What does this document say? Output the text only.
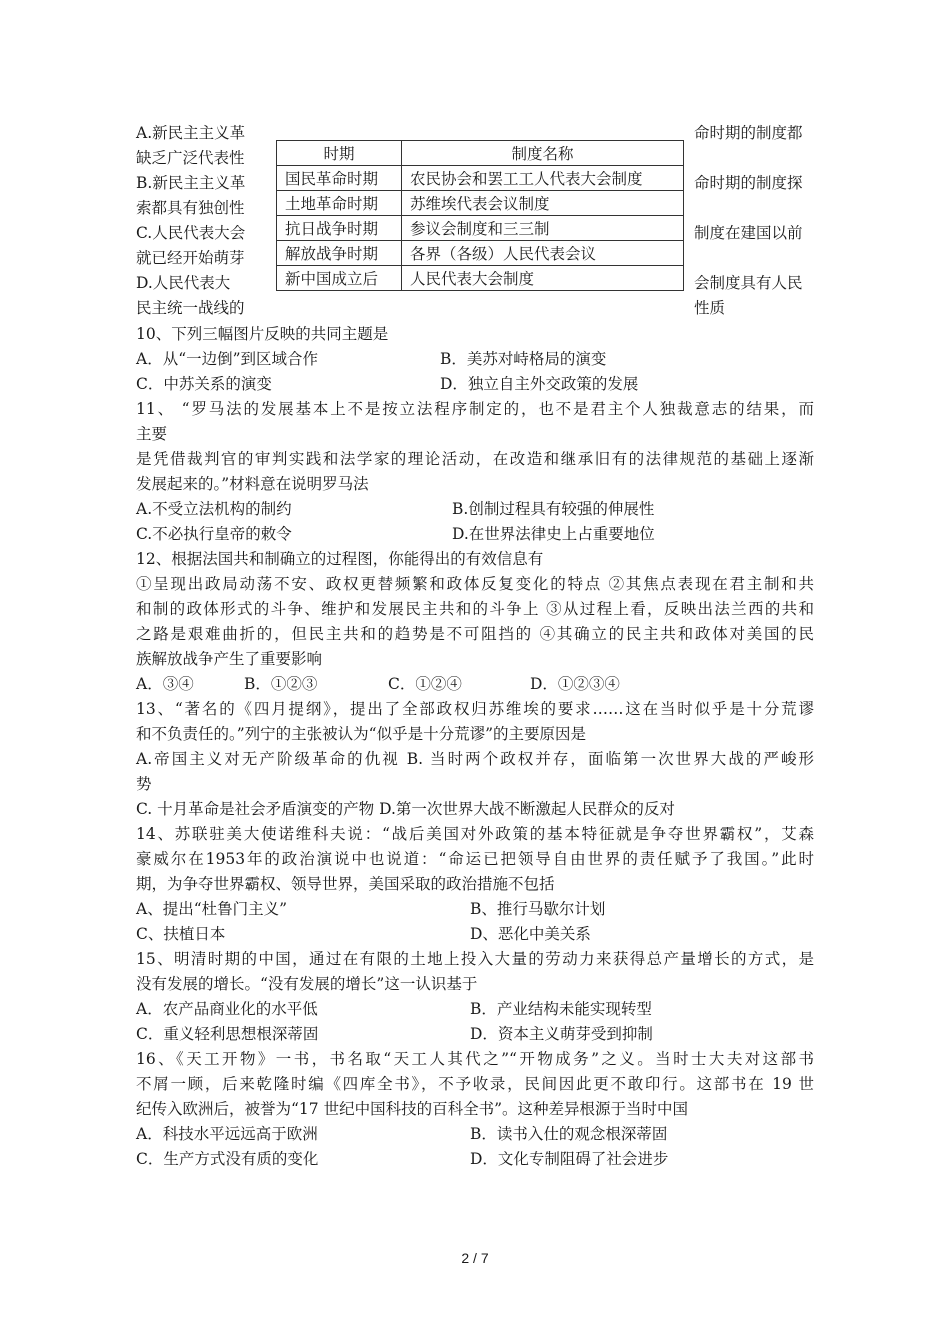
A.新民主主义革
缺乏广泛代表性
B.新民主主义革
索都具有独创性
C.人民代表大会
就已经开始萌芽
D.人民代表大
民主统一战线的
时期	制度名称
国民革命时期	农民协会和罢工工人代表大会制度
土地革命时期	苏维埃代表会议制度
抗日战争时期	参议会制度和三三制
解放战争时期	各界（各级）人民代表会议
新中国成立后	人民代表大会制度
命时期的制度都
命时期的制度探
制度在建国以前
会制度具有人民
性质
10、下列三幅图片反映的共同主题是
A．从“一边倒”到区域合作	B．美苏对峙格局的演变
C．中苏关系的演变	D．独立自主外交政策的发展
11、 “罗马法的发展基本上不是按立法程序制定的，也不是君主个人独裁意志的结果，而
主要
是凭借裁判官的审判实践和法学家的理论活动，在改造和继承旧有的法律规范的基础上逐渐
发展起来的。”材料意在说明罗马法
A.不受立法机构的制约	B.创制过程具有较强的伸展性
C.不必执行皇帝的敕令	D.在世界法律史上占重要地位
12、根据法国共和制确立的过程图，你能得出的有效信息有
①呈现出政局动荡不安、政权更替频繁和政体反复变化的特点 ②其焦点表现在君主制和共
和制的政体形式的斗争、维护和发展民主共和的斗争上 ③从过程上看，反映出法兰西的共和
之路是艰难曲折的，但民主共和的趋势是不可阻挡的 ④其确立的民主共和政体对美国的民
族解放战争产生了重要影响
A．③④	B．①②③	C．①②④	D．①②③④
13、“著名的《四月提纲》，提出了全部政权归苏维埃的要求……这在当时似乎是十分荒谬
和不负责任的。”列宁的主张被认为“似乎是十分荒谬”的主要原因是
A.帝国主义对无产阶级革命的仇视 B. 当时两个政权并存，面临第一次世界大战的严峻形
势
C. 十月革命是社会矛盾演变的产物 D.第一次世界大战不断激起人民群众的反对
14、苏联驻美大使诺维科夫说：“战后美国对外政策的基本特征就是争夺世界霸权”，艾森
豪威尔在1953年的政治演说中也说道：“命运已把领导自由世界的责任赋予了我国。”此时
期，为争夺世界霸权、领导世界，美国采取的政治措施不包括
A、提出“杜鲁门主义”	B、推行马歇尔计划
C、扶植日本	D、恶化中美关系
15、明清时期的中国，通过在有限的土地上投入大量的劳动力来获得总产量增长的方式，是
没有发展的增长。“没有发展的增长”这一认识基于
A．农产品商业化的水平低	B．产业结构未能实现转型
C．重义轻利思想根深蒂固	D．资本主义萌芽受到抑制
16、《天工开物》一书，书名取“天工人其代之”“开物成务”之义。当时士大夫对这部书
不屑一顾，后来乾隆时编《四库全书》，不予收录，民间因此更不敢印行。这部书在 19 世
纪传入欧洲后，被誉为“17 世纪中国科技的百科全书”。这种差异根源于当时中国
A．科技水平远远高于欧洲	B．读书入仕的观念根深蒂固
C．生产方式没有质的变化	D．文化专制阻碍了社会进步
2 / 7
